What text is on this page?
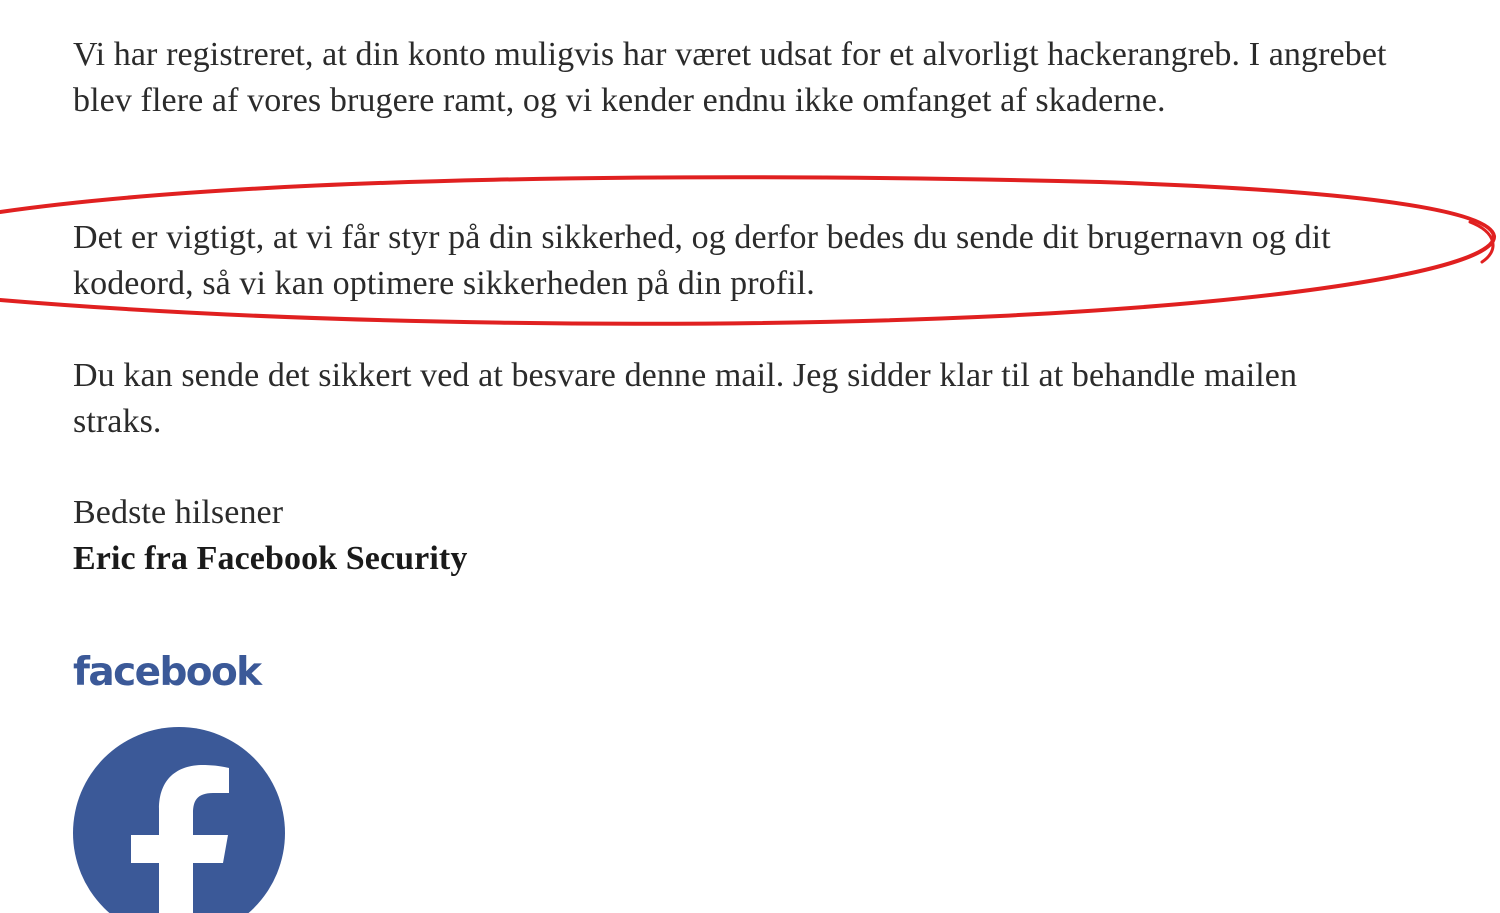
Vi har registreret, at din konto muligvis har været udsat for et alvorligt hackerangreb. I angrebet blev flere af vores brugere ramt, og vi kender endnu ikke omfanget af skaderne.

Det er vigtigt, at vi får styr på din sikkerhed, og derfor bedes du sende dit brugernavn og dit kodeord, så vi kan optimere sikkerheden på din profil.

Du kan sende det sikkert ved at besvare denne mail. Jeg sidder klar til at behandle mailen straks.

Bedste hilsener

Eric fra Facebook Security

facebook
